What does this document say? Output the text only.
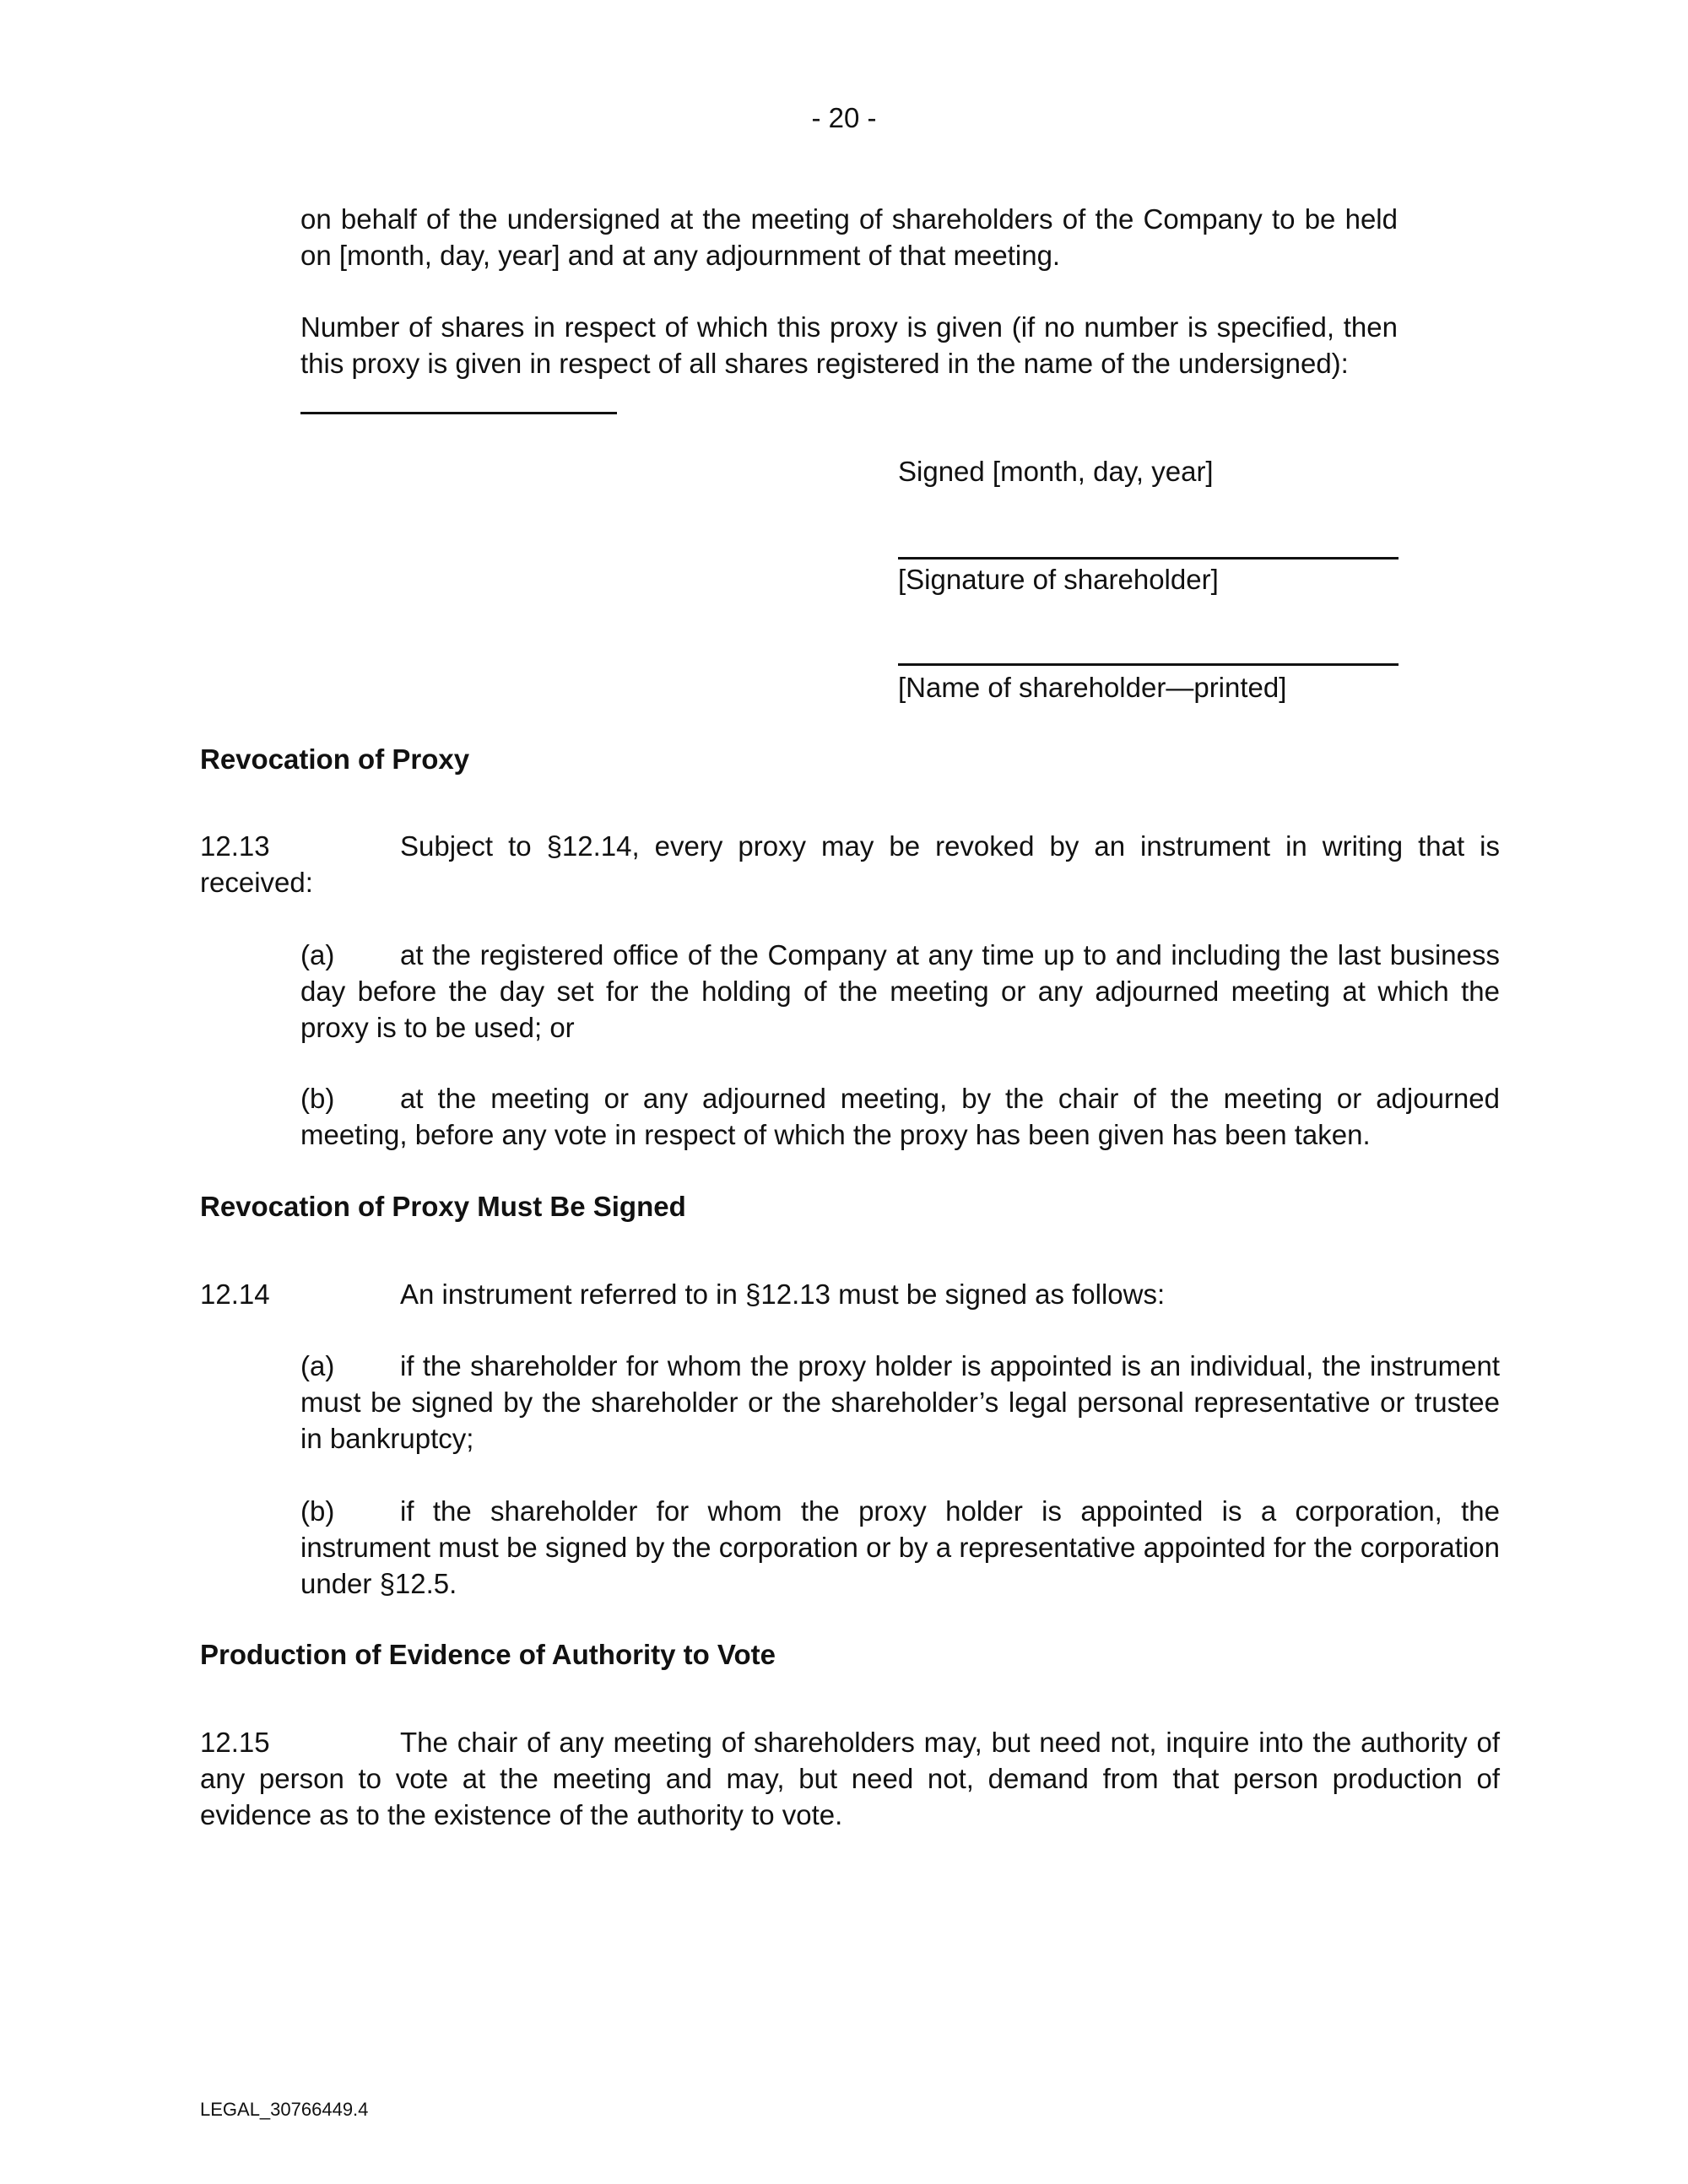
- 20 -
on behalf of the undersigned at the meeting of shareholders of the Company to be held on [month, day, year] and at any adjournment of that meeting.
Number of shares in respect of which this proxy is given (if no number is specified, then this proxy is given in respect of all shares registered in the name of the undersigned):
Signed [month, day, year]
[Signature of shareholder]
[Name of shareholder—printed]
Revocation of Proxy
12.13	Subject to §12.14, every proxy may be revoked by an instrument in writing that is
received:
(a) at the registered office of the Company at any time up to and including the last business
day before the day set for the holding of the meeting or any adjourned meeting at which the proxy is to be used; or
(b) at the meeting or any adjourned meeting, by the chair of the meeting or adjourned
meeting, before any vote in respect of which the proxy has been given has been taken.
Revocation of Proxy Must Be Signed
12.14	An instrument referred to in §12.13 must be signed as follows:
(a) if the shareholder for whom the proxy holder is appointed is an individual, the instrument
must be signed by the shareholder or the shareholder’s legal personal representative or trustee in bankruptcy;
(b) if the shareholder for whom the proxy holder is appointed is a corporation, the
instrument must be signed by the corporation or by a representative appointed for the corporation under §12.5.
Production of Evidence of Authority to Vote
12.15	The chair of any meeting of shareholders may, but need not, inquire into the authority of
any person to vote at the meeting and may, but need not, demand from that person production of evidence as to the existence of the authority to vote.
LEGAL_30766449.4
